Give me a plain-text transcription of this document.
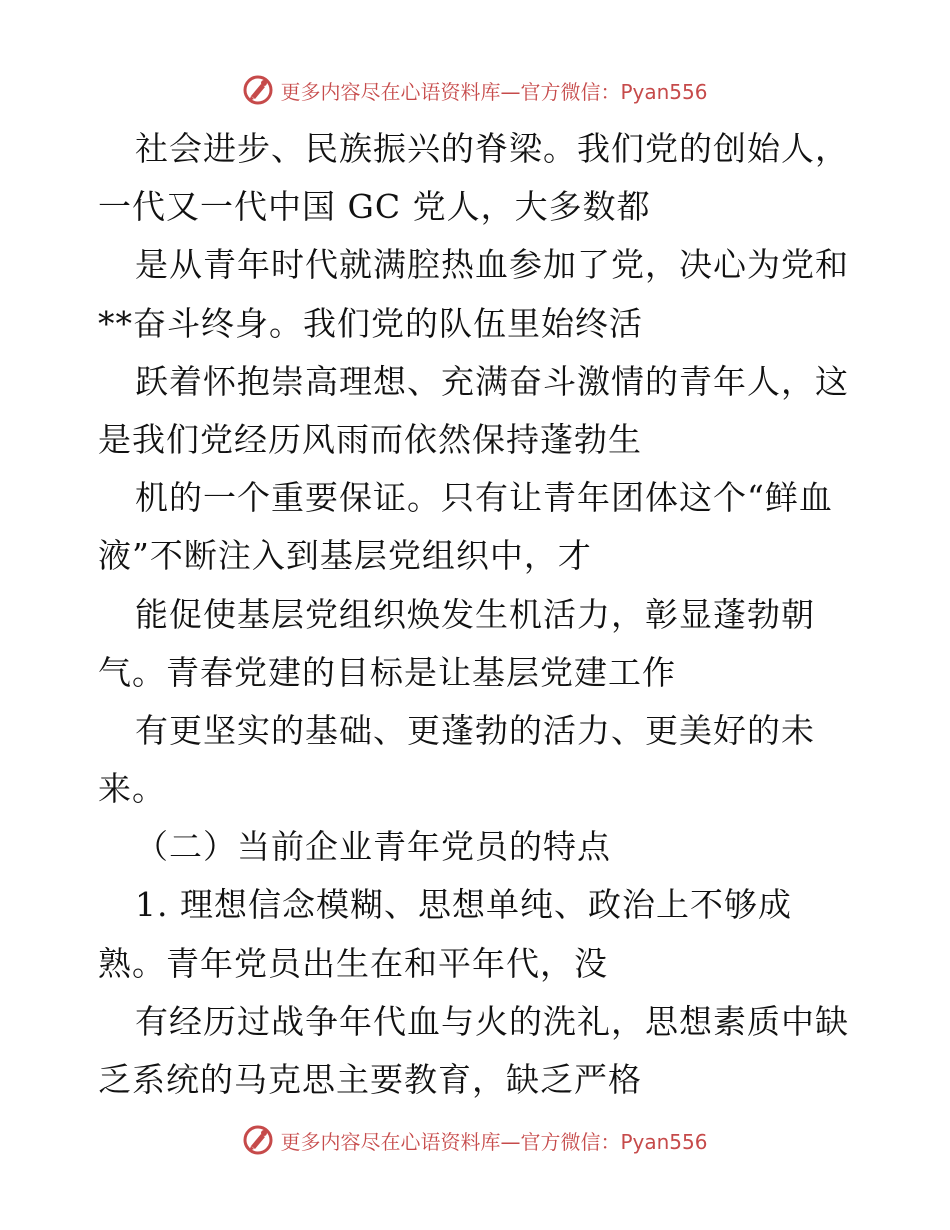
更多内容尽在心语资料库—官方微信：Pyan556
社会进步、民族振兴的脊梁。我们党的创始人，
一代又一代中国 GC 党人，大多数都
是从青年时代就满腔热血参加了党，决心为党和
**奋斗终身。我们党的队伍里始终活
跃着怀抱崇高理想、充满奋斗激情的青年人，这
是我们党经历风雨而依然保持蓬勃生
机的一个重要保证。只有让青年团体这个“鲜血
液”不断注入到基层党组织中，才
能促使基层党组织焕发生机活力，彰显蓬勃朝
气。青春党建的目标是让基层党建工作
有更坚实的基础、更蓬勃的活力、更美好的未
来。
（二）当前企业青年党员的特点
1. 理想信念模糊、思想单纯、政治上不够成
熟。青年党员出生在和平年代，没
有经历过战争年代血与火的洗礼，思想素质中缺
乏系统的马克思主要教育，缺乏严格
更多内容尽在心语资料库—官方微信：Pyan556
